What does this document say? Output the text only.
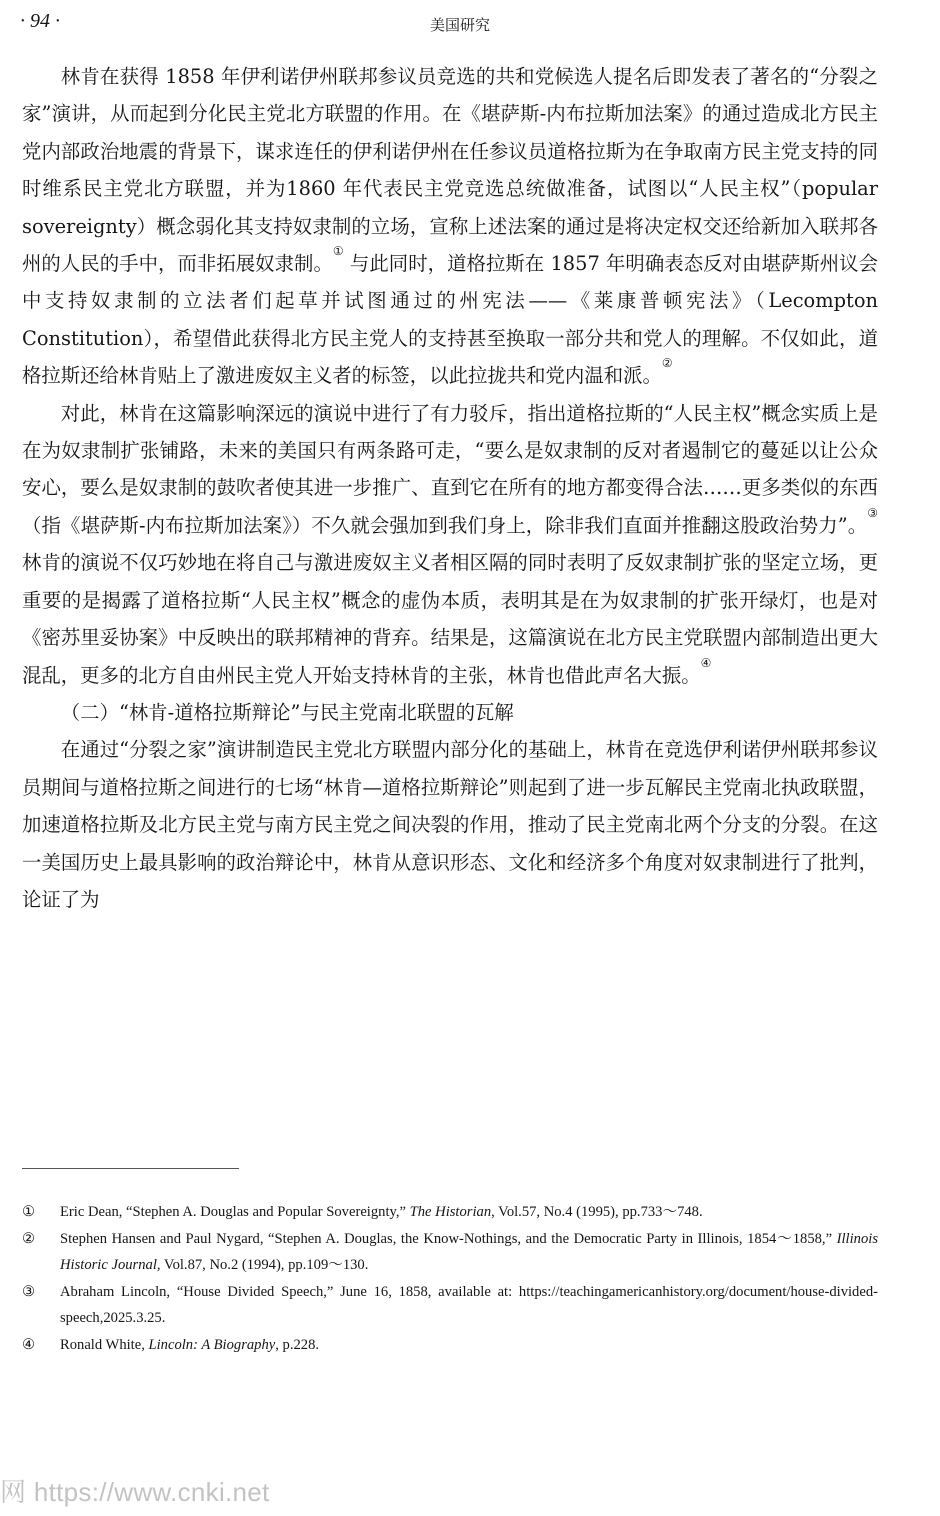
· 94 ·	美国研究

林肯在获得 1858 年伊利诺伊州联邦参议员竞选的共和党候选人提名后即发表了著名的“分裂之家”演讲，从而起到分化民主党北方联盟的作用。在《堪萨斯-内布拉斯加法案》的通过造成北方民主党内部政治地震的背景下，谋求连任的伊利诺伊州在任参议员道格拉斯为在争取南方民主党支持的同时维系民主党北方联盟，并为1860 年代表民主党竞选总统做准备，试图以“人民主权”（popular sovereignty）概念弱化其支持奴隶制的立场，宣称上述法案的通过是将决定权交还给新加入联邦各州的人民的手中，而非拓展奴隶制。① 与此同时，道格拉斯在 1857 年明确表态反对由堪萨斯州议会中支持奴隶制的立法者们起草并试图通过的州宪法——《莱康普顿宪法》（Lecompton Constitution），希望借此获得北方民主党人的支持甚至换取一部分共和党人的理解。不仅如此，道格拉斯还给林肯贴上了激进废奴主义者的标签，以此拉拢共和党内温和派。②

对此，林肯在这篇影响深远的演说中进行了有力驳斥，指出道格拉斯的“人民主权”概念实质上是在为奴隶制扩张铺路，未来的美国只有两条路可走，“要么是奴隶制的反对者遏制它的蔓延以让公众安心，要么是奴隶制的鼓吹者使其进一步推广、直到它在所有的地方都变得合法……更多类似的东西（指《堪萨斯-内布拉斯加法案》）不久就会强加到我们身上，除非我们直面并推翻这股政治势力”。③ 林肯的演说不仅巧妙地在将自己与激进废奴主义者相区隔的同时表明了反奴隶制扩张的坚定立场，更重要的是揭露了道格拉斯“人民主权”概念的虚伪本质，表明其是在为奴隶制的扩张开绿灯，也是对《密苏里妥协案》中反映出的联邦精神的背弃。结果是，这篇演说在北方民主党联盟内部制造出更大混乱，更多的北方自由州民主党人开始支持林肯的主张，林肯也借此声名大振。④

（二）“林肯-道格拉斯辩论”与民主党南北联盟的瓦解

在通过“分裂之家”演讲制造民主党北方联盟内部分化的基础上，林肯在竞选伊利诺伊州联邦参议员期间与道格拉斯之间进行的七场“林肯—道格拉斯辩论”则起到了进一步瓦解民主党南北执政联盟，加速道格拉斯及北方民主党与南方民主党之间决裂的作用，推动了民主党南北两个分支的分裂。在这一美国历史上最具影响的政治辩论中，林肯从意识形态、文化和经济多个角度对奴隶制进行了批判，论证了为

①	Eric Dean, “Stephen A. Douglas and Popular Sovereignty,” The Historian, Vol.57, No.4 (1995), pp.733～748.
②	Stephen Hansen and Paul Nygard, “Stephen A. Douglas, the Know-Nothings, and the Democratic Party in Illinois, 1854～1858,” Illinois Historic Journal, Vol.87, No.2 (1994), pp.109～130.
③	Abraham Lincoln, “House Divided Speech,” June 16, 1858, available at: https://teachingamericanhistory.org/document/house-divided-speech,2025.3.25.
④	Ronald White, Lincoln: A Biography, p.228.
网 https://www.cnki.net
